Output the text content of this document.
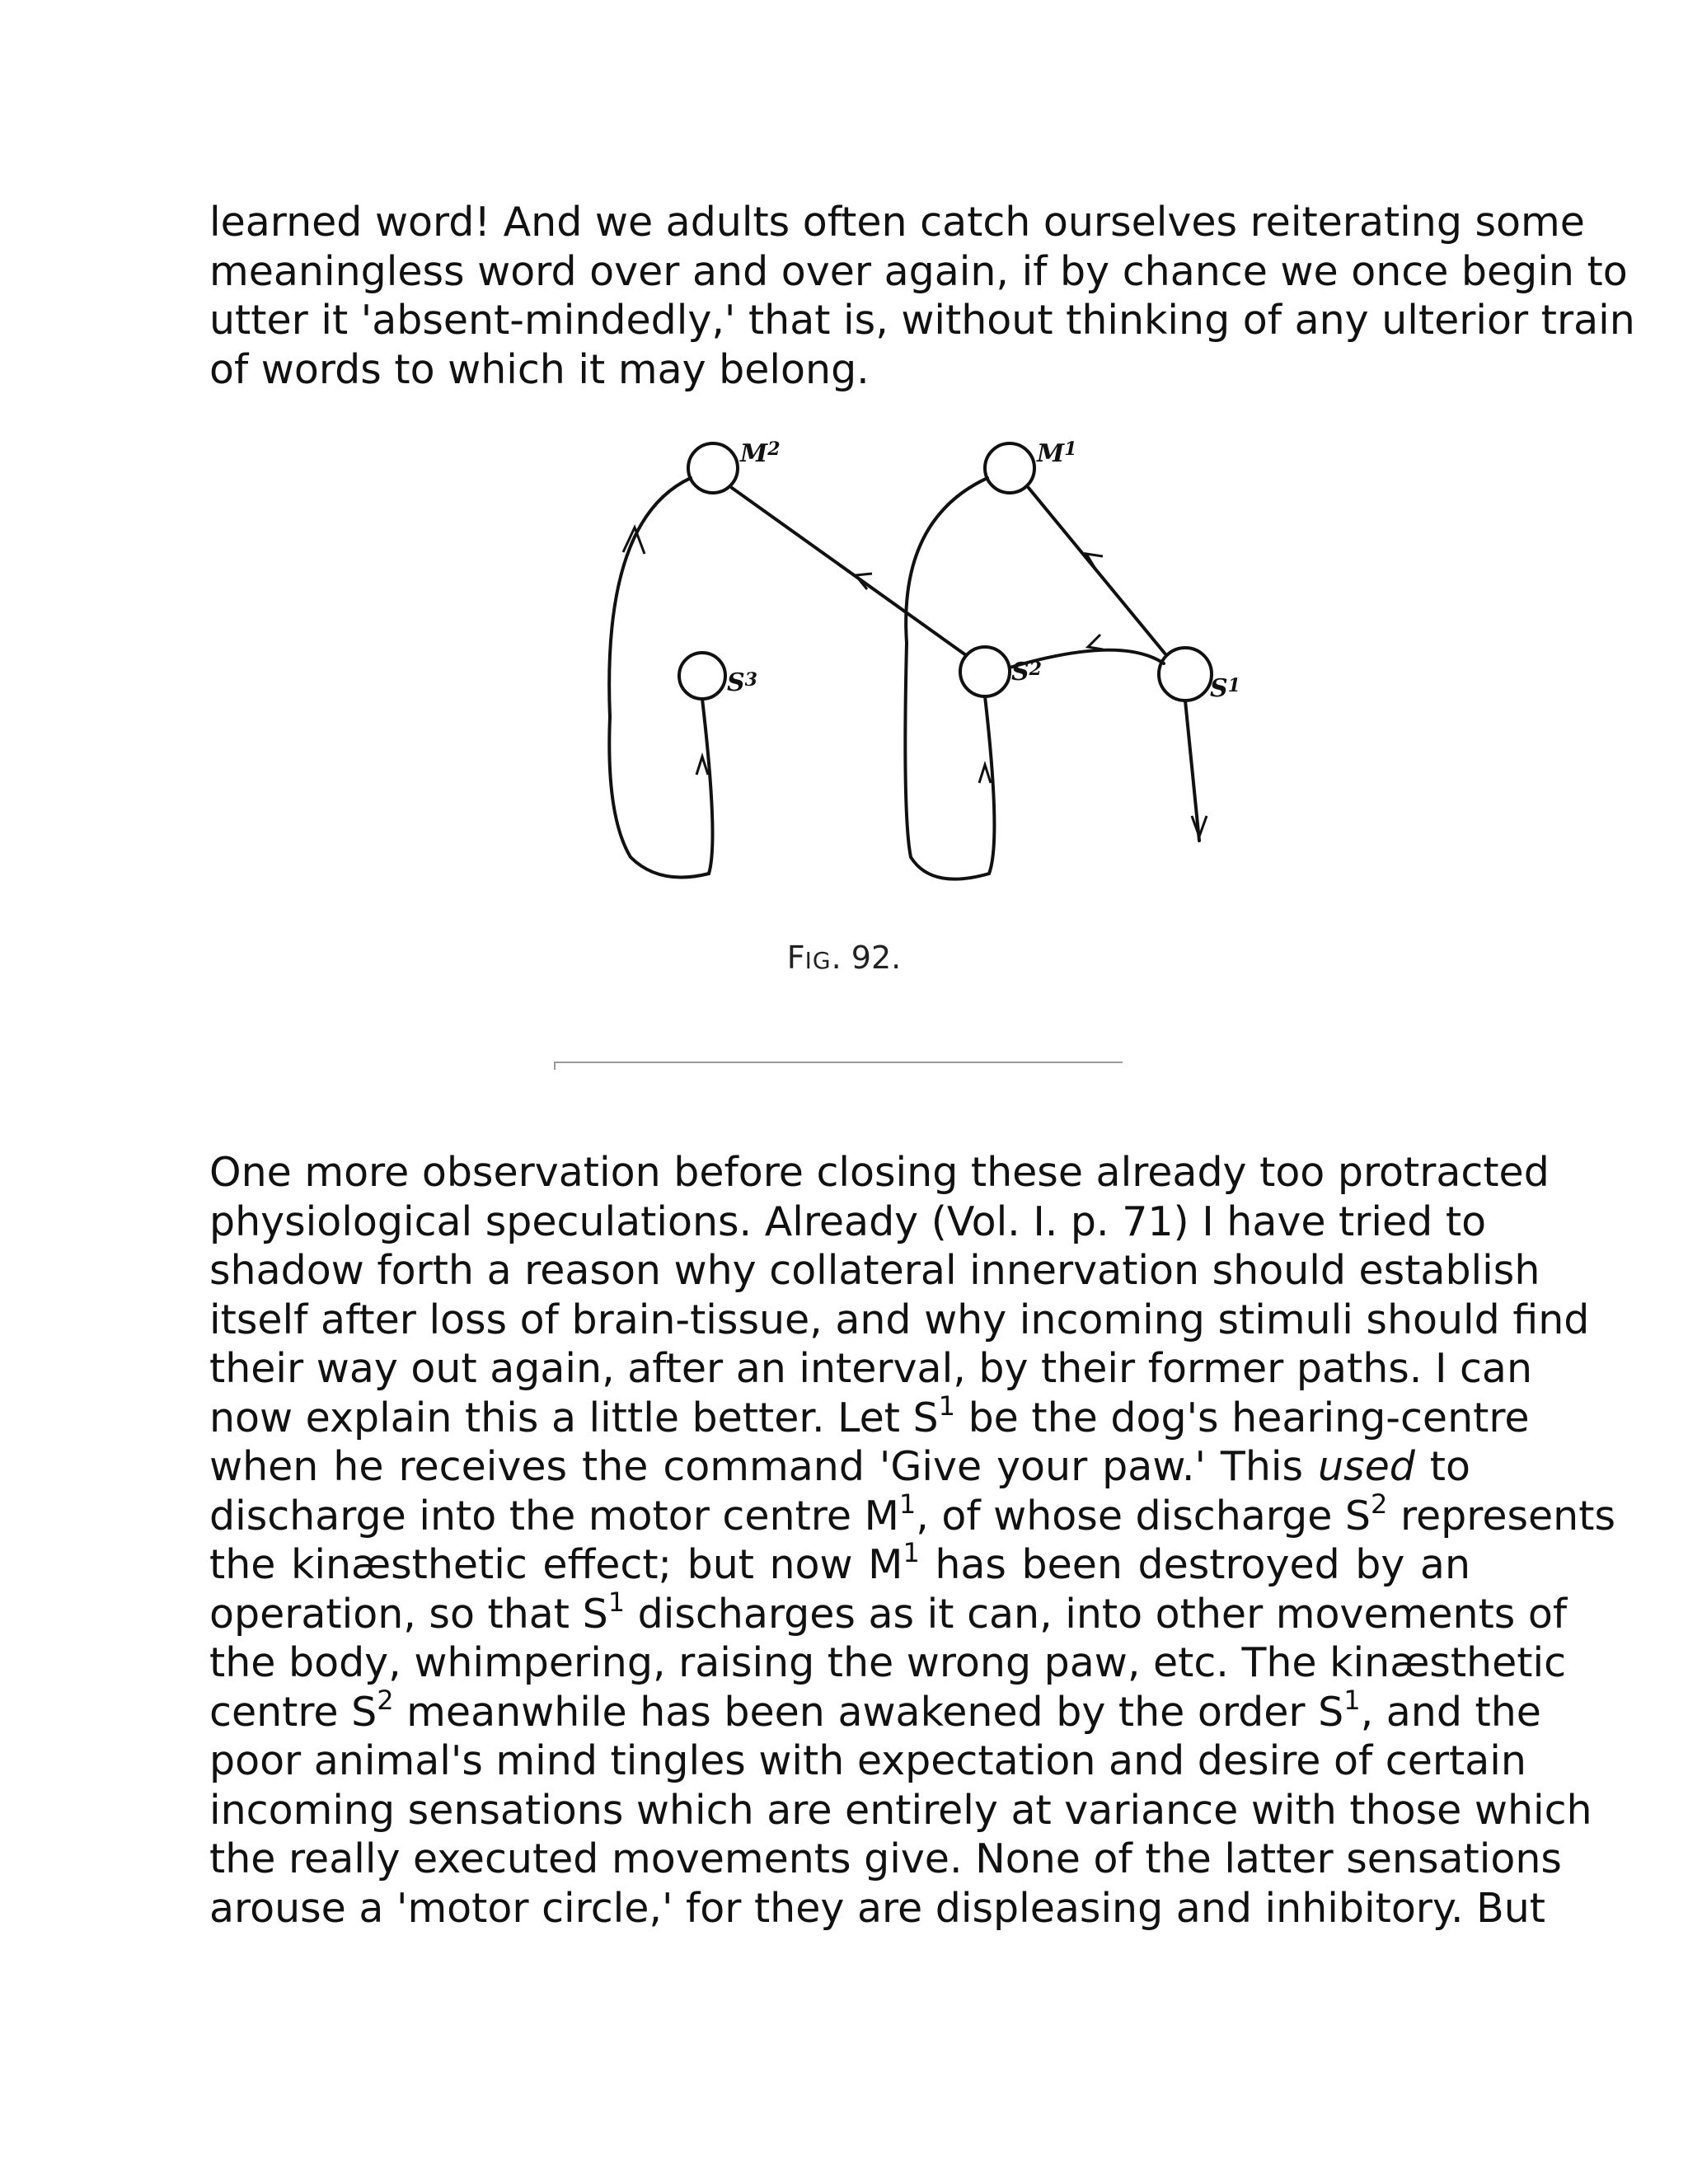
learned word! And we adults often catch ourselves reiterating some
meaningless word over and over again, if by chance we once begin to
utter it 'absent-mindedly,' that is, without thinking of any ulterior train
of words to which it may belong.
$M^2$	$M^1$
$S^3$	$S^2$
$S^1$
FIG. 92.
One more observation before closing these already too protracted
physiological speculations. Already (Vol. I. p. 71) I have tried to
shadow forth a reason why collateral innervation should establish
itself after loss of brain-tissue, and why incoming stimuli should find
their way out again, after an interval, by their former paths. I can
now explain this a little better. Let $S^1$ be the dog's hearing-centre
when he receives the command 'Give your paw.' This used to
discharge into the motor centre $M^1$, of whose discharge $S^2$ represents
the kinæsthetic effect; but now $M^1$ has been destroyed by an
operation, so that $S^1$ discharges as it can, into other movements of
the body, whimpering, raising the wrong paw, etc. The kinæsthetic
centre $S^2$ meanwhile has been awakened by the order $S^1$, and the
poor animal's mind tingles with expectation and desire of certain
incoming sensations which are entirely at variance with those which
the really executed movements give. None of the latter sensations
arouse a 'motor circle,' for they are displeasing and inhibitory. But
